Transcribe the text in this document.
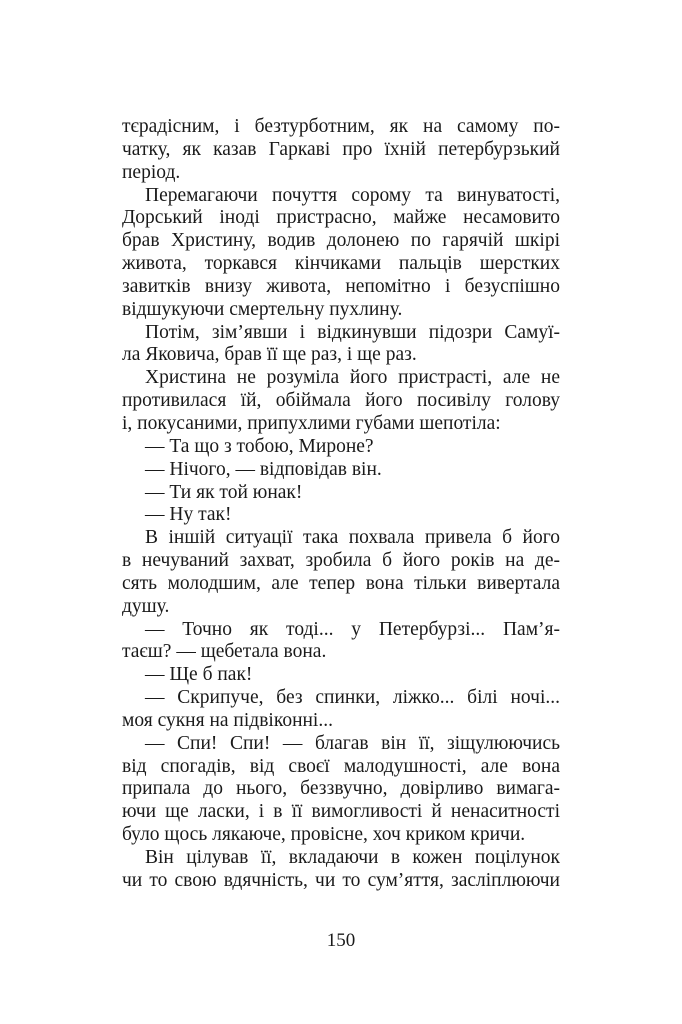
тєрадісним, і безтурботним, як на самому по-
чатку, як казав Гаркаві про їхній петербурзький
період.
Перемагаючи почуття сорому та винуватості,
Дорський іноді пристрасно, майже несамовито
брав Христину, водив долонею по гарячій шкірі
живота, торкався кінчиками пальців шерстких
завитків внизу живота, непомітно і безуспішно
відшукуючи смертельну пухлину.
Потім, зім’явши і відкинувши підозри Самуї-
ла Яковича, брав її ще раз, і ще раз.
Христина не розуміла його пристрасті, але не
противилася їй, обіймала його посивілу голову
і, покусаними, припухлими губами шепотіла:
— Та що з тобою, Мироне?
— Нічого, — відповідав він.
— Ти як той юнак!
— Ну так!
В іншій ситуації така похвала привела б його
в нечуваний захват, зробила б його років на де-
сять молодшим, але тепер вона тільки вивертала
душу.
— Точно як тоді... у Петербурзі... Пам’я-
таєш? — щебетала вона.
— Ще б пак!
— Скрипуче, без спинки, ліжко... білі ночі...
моя сукня на підвіконні...
— Спи! Спи! — благав він її, зіщулюючись
від спогадів, від своєї малодушності, але вона
припала до нього, беззвучно, довірливо вимага-
ючи ще ласки, і в її вимогливості й ненаситності
було щось лякаюче, провісне, хоч криком кричи.
Він цілував її, вкладаючи в кожен поцілунок
чи то свою вдячність, чи то сум’яття, засліплюючи
150
